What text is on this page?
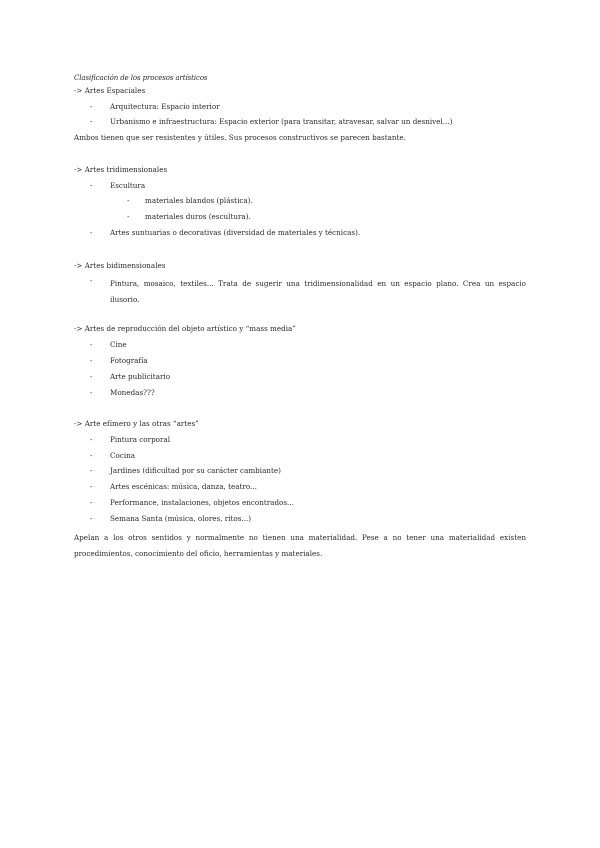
Clasificación de los procesos artísticos
-> Artes Espaciales
- Arquitectura: Espacio interior
- Urbanismo e infraestructura: Espacio exterior (para transitar, atravesar, salvar un desnivel...)
Ambos tienen que ser resistentes y útiles. Sus procesos constructivos se parecen bastante.
-> Artes tridimensionales
- Escultura
- materiales blandos (plástica).
- materiales duros (escultura).
- Artes suntuarias o decorativas (diversidad de materiales y técnicas).
-> Artes bidimensionales
- Pintura, mosaico, textiles... Trata de sugerir una tridimensionalidad en un espacio plano. Crea un espacio ilusorio.
-> Artes de reproducción del objeto artístico y “mass media”
- Cine
- Fotografía
- Arte publicitario
- Monedas???
-> Arte efímero y las otras “artes”
- Pintura corporal
- Cocina
- Jardines (dificultad por su carácter cambiante)
- Artes escénicas: música, danza, teatro...
- Performance, instalaciones, objetos encontrados...
- Semana Santa (música, olores, ritos...)
Apelan a los otros sentidos y normalmente no tienen una materialidad. Pese a no tener una materialidad existen procedimientos, conocimiento del oficio, herramientas y materiales.
